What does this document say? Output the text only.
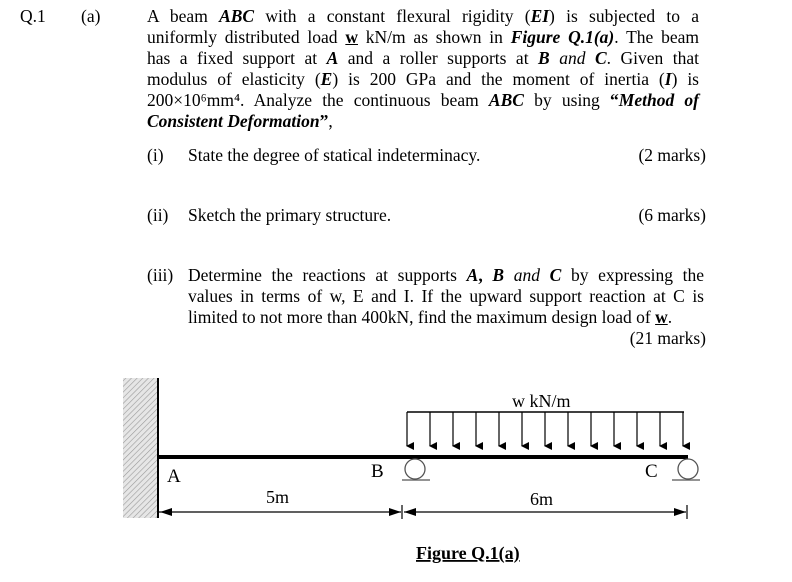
Q.1 (a)	A beam ABC with a constant flexural rigidity (EI) is subjected to a
uniformly distributed load w kN/m as shown in Figure Q.1(a). The beam
has a fixed support at A and a roller supports at B and C. Given that
modulus of elasticity (E) is 200 GPa and the moment of inertia (I) is
200×10⁶mm⁴. Analyze the continuous beam ABC by using “Method of
Consistent Deformation”,
(i) State the degree of statical indeterminacy.	(2 marks)
(ii) Sketch the primary structure.	(6 marks)
(iii) Determine the reactions at supports A, B and C by expressing the
values in terms of w, E and I. If the upward support reaction at C is
limited to not more than 400kN, find the maximum design load of w.
(21 marks)
w kN/m
A	B	C
5m	6m
Figure Q.1(a)
